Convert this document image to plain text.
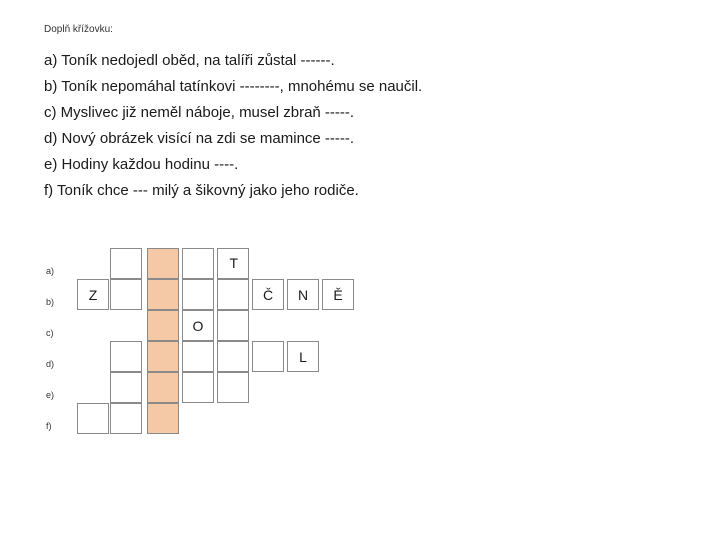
Doplň křížovku:
a) Toník nedojedl oběd, na talíři zůstal ------.
b) Toník nepomáhal tatínkovi --------, mnohému se naučil.
c) Myslivec již neměl náboje, musel zbraň -----.
d) Nový obrázek visící na zdi se mamince -----.
e) Hodiny každou hodinu ----.
f) Toník chce --- milý a šikovný jako jeho rodiče.
a)
b)
c)
d)
e)
f)
T
Z	Č N Ě
O
L
